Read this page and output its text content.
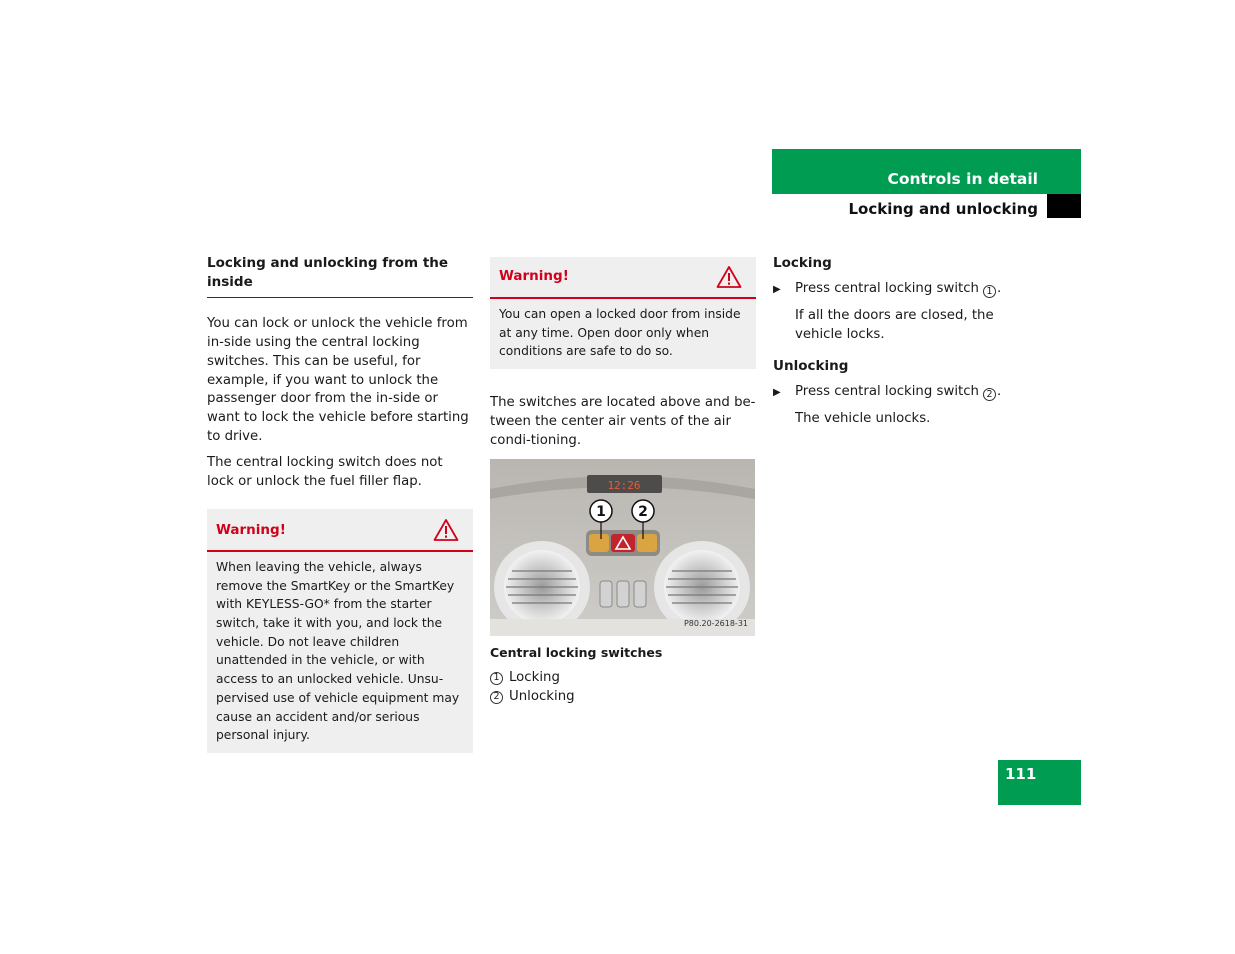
Controls in detail
Locking and unlocking
Locking and unlocking from the inside

You can lock or unlock the vehicle from in-side using the central locking switches. This can be useful, for example, if you want to unlock the passenger door from the in-side or want to lock the vehicle before starting to drive.

The central locking switch does not lock or unlock the fuel filler flap.

Warning!
When leaving the vehicle, always remove the SmartKey or the SmartKey with KEYLESS-GO* from the starter switch, take it with you, and lock the vehicle. Do not leave children unattended in the vehicle, or with access to an unlocked vehicle. Unsu-pervised use of vehicle equipment may cause an accident and/or serious personal injury.
Warning!
You can open a locked door from inside at any time. Open door only when conditions are safe to do so.

The switches are located above and be-tween the center air vents of the air condi-tioning.

12:26
1 2
P80.20-2618-31
Central locking switches
1 Locking
2 Unlocking
Locking
▶	Press central locking switch 1 .
If all the doors are closed, the vehicle locks.
Unlocking
▶	Press central locking switch 2 .
The vehicle unlocks.
111
